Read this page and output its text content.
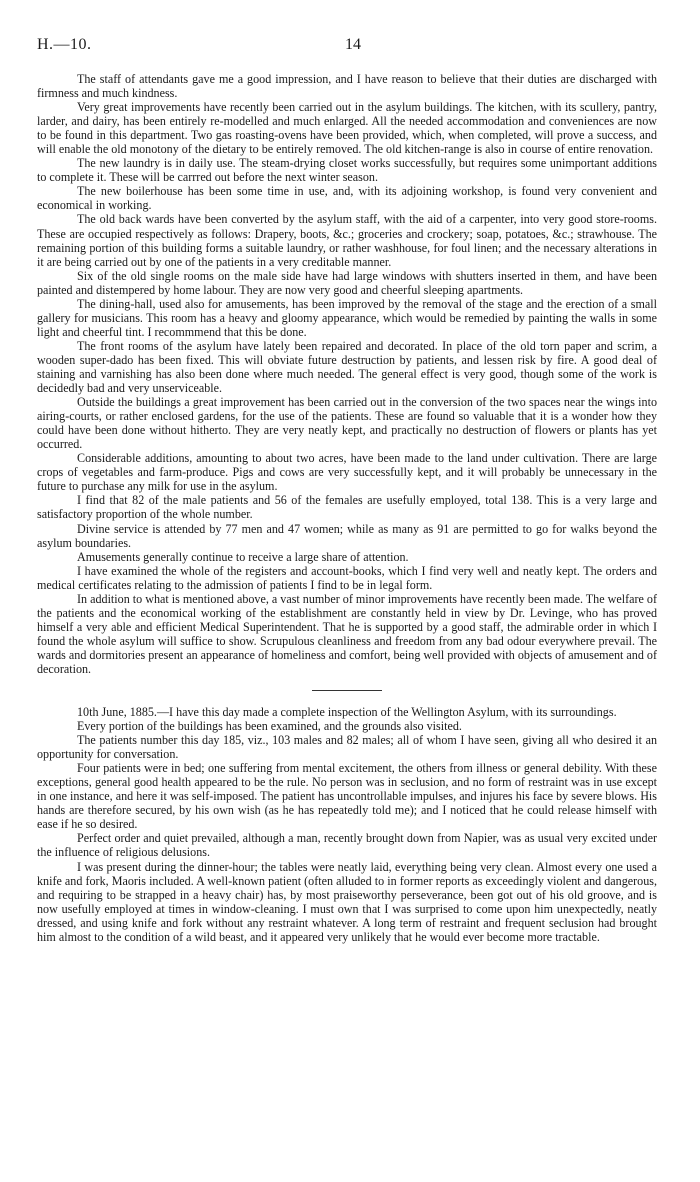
H.—10.	14

The staff of attendants gave me a good impression, and I have reason to believe that their duties are discharged with firmness and much kindness.

Very great improvements have recently been carried out in the asylum buildings. The kitchen, with its scullery, pantry, larder, and dairy, has been entirely re-modelled and much enlarged. All the needed accommodation and conveniences are now to be found in this department. Two gas roasting-ovens have been provided, which, when completed, will prove a success, and will enable the old monotony of the dietary to be entirely removed. The old kitchen-range is also in course of entire renovation.

The new laundry is in daily use. The steam-drying closet works successfully, but requires some unimportant additions to complete it. These will be carrred out before the next winter season.

The new boilerhouse has been some time in use, and, with its adjoining workshop, is found very convenient and economical in working.

The old back wards have been converted by the asylum staff, with the aid of a carpenter, into very good store-rooms. These are occupied respectively as follows: Drapery, boots, &c.; groceries and crockery; soap, potatoes, &c.; strawhouse. The remaining portion of this building forms a suitable laundry, or rather washhouse, for foul linen; and the necessary alterations in it are being carried out by one of the patients in a very creditable manner.

Six of the old single rooms on the male side have had large windows with shutters inserted in them, and have been painted and distempered by home labour. They are now very good and cheerful sleeping apartments.

The dining-hall, used also for amusements, has been improved by the removal of the stage and the erection of a small gallery for musicians. This room has a heavy and gloomy appearance, which would be remedied by painting the walls in some light and cheerful tint. I recommmend that this be done.

The front rooms of the asylum have lately been repaired and decorated. In place of the old torn paper and scrim, a wooden super-dado has been fixed. This will obviate future destruction by patients, and lessen risk by fire. A good deal of staining and varnishing has also been done where much needed. The general effect is very good, though some of the work is decidedly bad and very unserviceable.

Outside the buildings a great improvement has been carried out in the conversion of the two spaces near the wings into airing-courts, or rather enclosed gardens, for the use of the patients. These are found so valuable that it is a wonder how they could have been done without hitherto. They are very neatly kept, and practically no destruction of flowers or plants has yet occurred.

Considerable additions, amounting to about two acres, have been made to the land under cultivation. There are large crops of vegetables and farm-produce. Pigs and cows are very successfully kept, and it will probably be unnecessary in the future to purchase any milk for use in the asylum.

I find that 82 of the male patients and 56 of the females are usefully employed, total 138. This is a very large and satisfactory proportion of the whole number.

Divine service is attended by 77 men and 47 women; while as many as 91 are permitted to go for walks beyond the asylum boundaries.

Amusements generally continue to receive a large share of attention.

I have examined the whole of the registers and account-books, which I find very well and neatly kept. The orders and medical certificates relating to the admission of patients I find to be in legal form.

In addition to what is mentioned above, a vast number of minor improvements have recently been made. The welfare of the patients and the economical working of the establishment are constantly held in view by Dr. Levinge, who has proved himself a very able and efficient Medical Superintendent. That he is supported by a good staff, the admirable order in which I found the whole asylum will suffice to show. Scrupulous cleanliness and freedom from any bad odour everywhere prevail. The wards and dormitories present an appearance of homeliness and comfort, being well provided with objects of amusement and of decoration.

10th June, 1885.—I have this day made a complete inspection of the Wellington Asylum, with its surroundings.

Every portion of the buildings has been examined, and the grounds also visited.

The patients number this day 185, viz., 103 males and 82 males; all of whom I have seen, giving all who desired it an opportunity for conversation.

Four patients were in bed; one suffering from mental excitement, the others from illness or general debility. With these exceptions, general good health appeared to be the rule. No person was in seclusion, and no form of restraint was in use except in one instance, and here it was self-imposed. The patient has uncontrollable impulses, and injures his face by severe blows. His hands are therefore secured, by his own wish (as he has repeatedly told me); and I noticed that he could release himself with ease if he so desired.

Perfect order and quiet prevailed, although a man, recently brought down from Napier, was as usual very excited under the influence of religious delusions.

I was present during the dinner-hour; the tables were neatly laid, everything being very clean. Almost every one used a knife and fork, Maoris included. A well-known patient (often alluded to in former reports as exceedingly violent and dangerous, and requiring to be strapped in a heavy chair) has, by most praiseworthy perseverance, been got out of his old groove, and is now usefully employed at times in window-cleaning. I must own that I was surprised to come upon him unexpectedly, neatly dressed, and using knife and fork without any restraint whatever. A long term of restraint and frequent seclusion had brought him almost to the condition of a wild beast, and it appeared very unlikely that he would ever become more tractable.
